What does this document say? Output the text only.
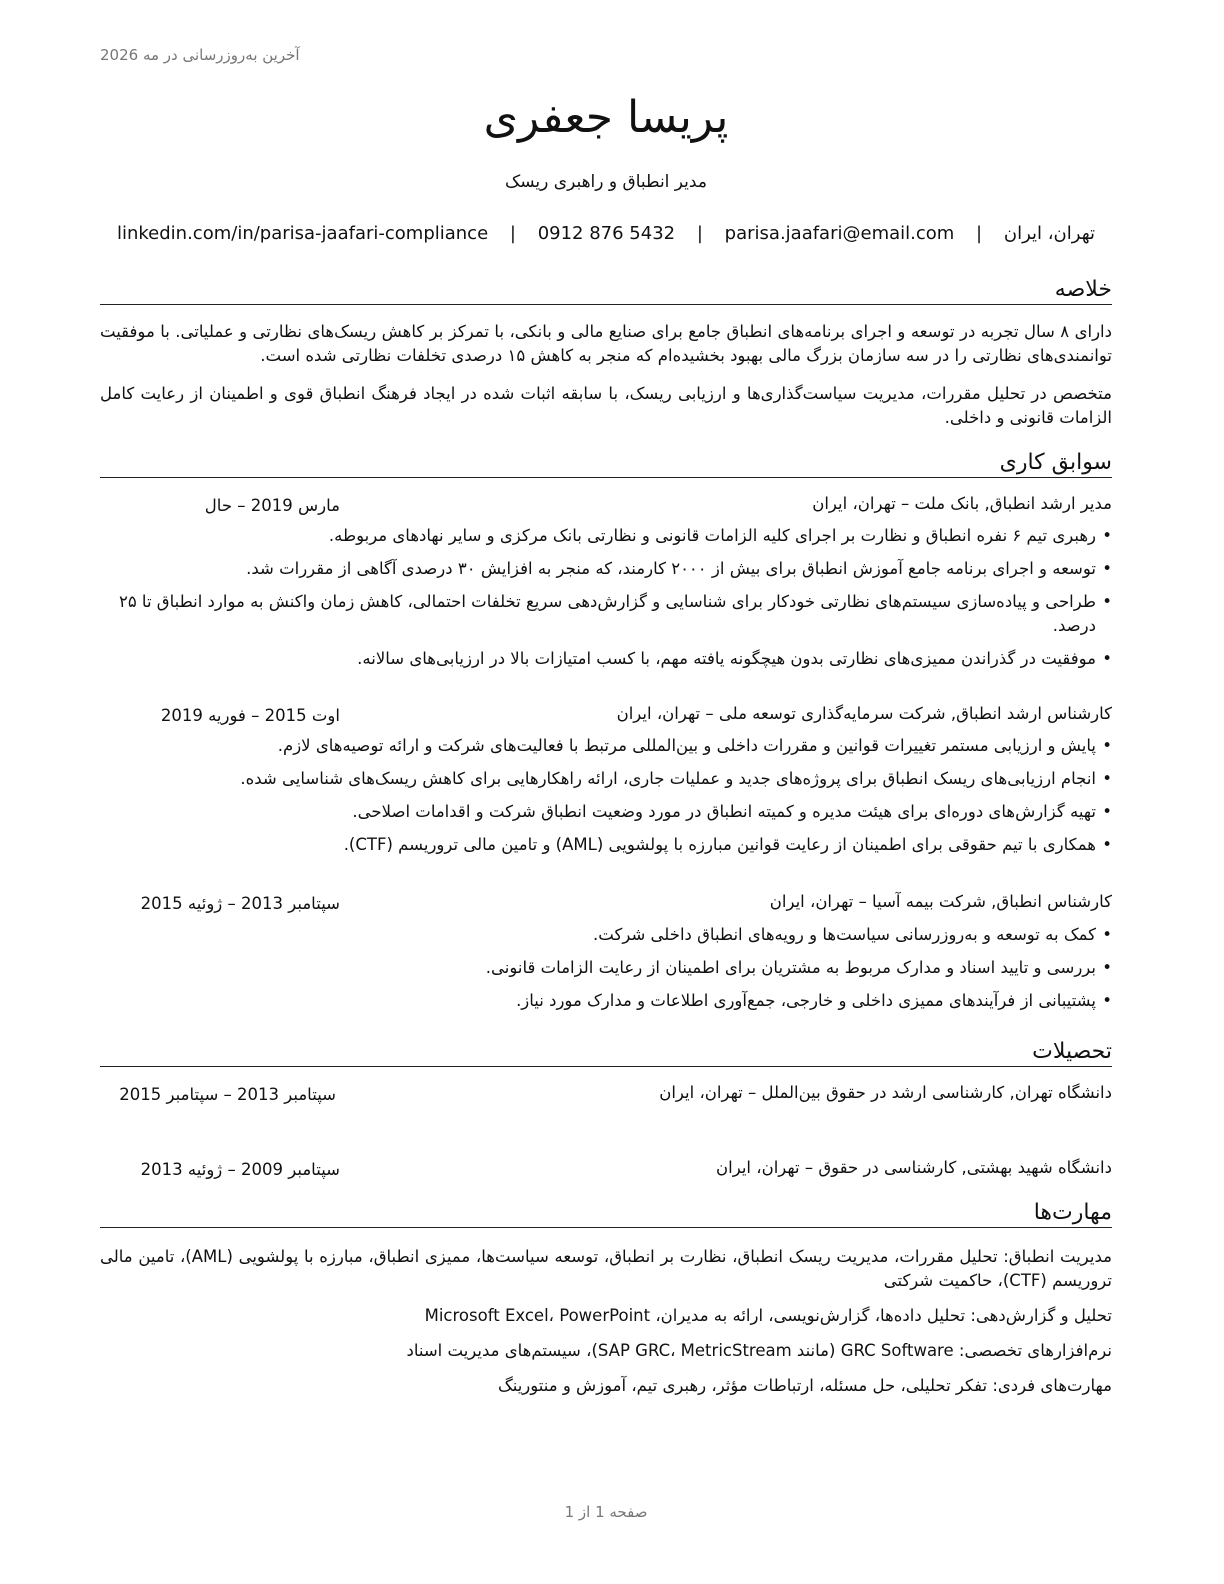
آخرین به‌روزرسانی در مه 2026
پریسا جعفری
مدیر انطباق و راهبری ریسک
تهران، ایران | parisa.jaafari@email.com | 0912 876 5432 | linkedin.com/in/parisa-jaafari-compliance
خلاصه

دارای ۸ سال تجربه در توسعه و اجرای برنامه‌های انطباق جامع برای صنایع مالی و بانکی، با تمرکز بر کاهش ریسک‌های نظارتی و عملیاتی. با موفقیت توانمندی‌های نظارتی را در سه سازمان بزرگ مالی بهبود بخشیده‌ام که منجر به کاهش ۱۵ درصدی تخلفات نظارتی شده است.

متخصص در تحلیل مقررات، مدیریت سیاست‌گذاری‌ها و ارزیابی ریسک، با سابقه اثبات شده در ایجاد فرهنگ انطباق قوی و اطمینان از رعایت کامل الزامات قانونی و داخلی.

سوابق کاری
مدیر ارشد انطباق, بانک ملت – تهران، ایران
مارس 2019 – حال
• رهبری تیم ۶ نفره انطباق و نظارت بر اجرای کلیه الزامات قانونی و نظارتی بانک مرکزی و سایر نهادهای مربوطه.
• توسعه و اجرای برنامه جامع آموزش انطباق برای بیش از ۲۰۰۰ کارمند، که منجر به افزایش ۳۰ درصدی آگاهی از مقررات شد.
• طراحی و پیاده‌سازی سیستم‌های نظارتی خودکار برای شناسایی و گزارش‌دهی سریع تخلفات احتمالی، کاهش زمان واکنش به موارد انطباق تا ۲۵ درصد.
• موفقیت در گذراندن ممیزی‌های نظارتی بدون هیچگونه یافته مهم، با کسب امتیازات بالا در ارزیابی‌های سالانه.
کارشناس ارشد انطباق, شرکت سرمایه‌گذاری توسعه ملی – تهران، ایران
اوت 2015 – فوریه 2019
• پایش و ارزیابی مستمر تغییرات قوانین و مقررات داخلی و بین‌المللی مرتبط با فعالیت‌های شرکت و ارائه توصیه‌های لازم.
• انجام ارزیابی‌های ریسک انطباق برای پروژه‌های جدید و عملیات جاری، ارائه راهکارهایی برای کاهش ریسک‌های شناسایی شده.
• تهیه گزارش‌های دوره‌ای برای هیئت مدیره و کمیته انطباق در مورد وضعیت انطباق شرکت و اقدامات اصلاحی.
• همکاری با تیم حقوقی برای اطمینان از رعایت قوانین مبارزه با پولشویی (AML) و تامین مالی تروریسم (CTF).
کارشناس انطباق, شرکت بیمه آسیا – تهران، ایران
سپتامبر 2013 – ژوئیه 2015
• کمک به توسعه و به‌روزرسانی سیاست‌ها و رویه‌های انطباق داخلی شرکت.
• بررسی و تایید اسناد و مدارک مربوط به مشتریان برای اطمینان از رعایت الزامات قانونی.
• پشتیبانی از فرآیندهای ممیزی داخلی و خارجی، جمع‌آوری اطلاعات و مدارک مورد نیاز.
تحصیلات
دانشگاه تهران, کارشناسی ارشد در حقوق بین‌الملل – تهران، ایران
سپتامبر 2013 – سپتامبر 2015
دانشگاه شهید بهشتی, کارشناسی در حقوق – تهران، ایران
سپتامبر 2009 – ژوئیه 2013
مهارت‌ها
مدیریت انطباق: تحلیل مقررات، مدیریت ریسک انطباق، نظارت بر انطباق، توسعه سیاست‌ها، ممیزی انطباق، مبارزه با پولشویی (AML)، تامین مالی تروریسم (CTF)، حاکمیت شرکتی
تحلیل و گزارش‌دهی: تحلیل داده‌ها، گزارش‌نویسی، ارائه به مدیران، Microsoft Excel، PowerPoint
نرم‌افزارهای تخصصی: GRC Software (مانند SAP GRC، MetricStream)، سیستم‌های مدیریت اسناد
مهارت‌های فردی: تفکر تحلیلی، حل مسئله، ارتباطات مؤثر، رهبری تیم، آموزش و منتورینگ
صفحه 1 از 1
